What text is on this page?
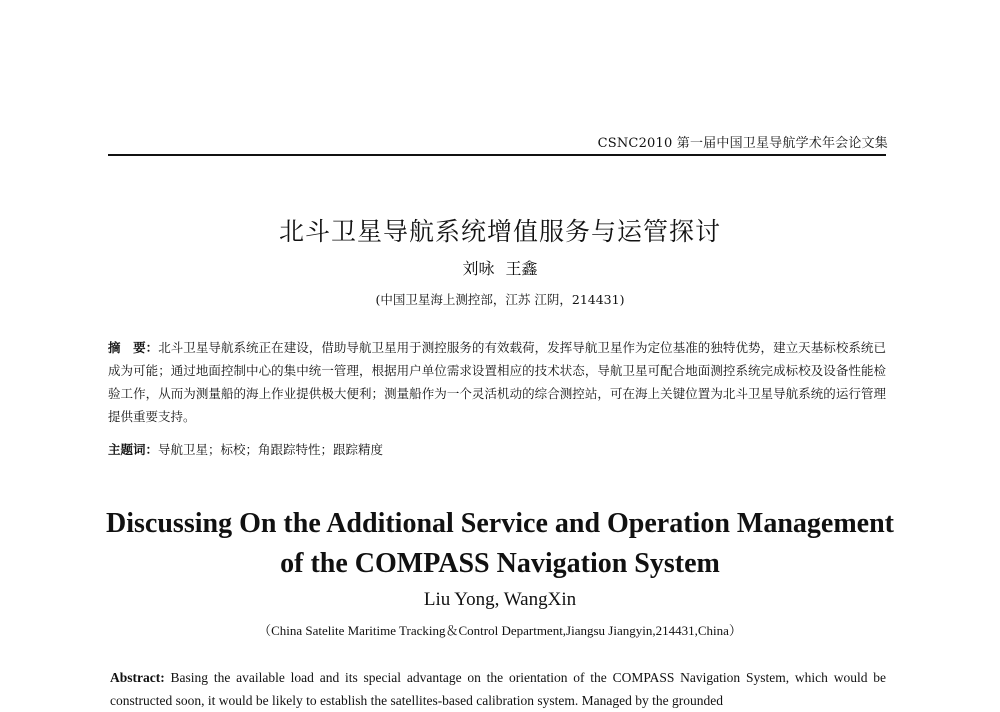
CSNC2010 第一届中国卫星导航学术年会论文集
北斗卫星导航系统增值服务与运管探讨
刘咏 王鑫
(中国卫星海上测控部，江苏 江阴，214431)
摘　要：北斗卫星导航系统正在建设，借助导航卫星用于测控服务的有效载荷，发挥导航卫星作为定位基准的独特优势，建立天基标校系统已成为可能；通过地面控制中心的集中统一管理，根据用户单位需求设置相应的技术状态，导航卫星可配合地面测控系统完成标校及设备性能检验工作，从而为测量船的海上作业提供极大便利；测量船作为一个灵活机动的综合测控站，可在海上关键位置为北斗卫星导航系统的运行管理提供重要支持。
主题词：导航卫星；标校；角跟踪特性；跟踪精度
Discussing On the Additional Service and Operation Management
of the COMPASS Navigation System
Liu Yong, WangXin
（China Satelite Maritime Tracking＆Control Department,Jiangsu Jiangyin,214431,China）
Abstract: Basing the available load and its special advantage on the orientation of the COMPASS Navigation System, which would be constructed soon, it would be likely to establish the satellites-based calibration system. Managed by the grounded
